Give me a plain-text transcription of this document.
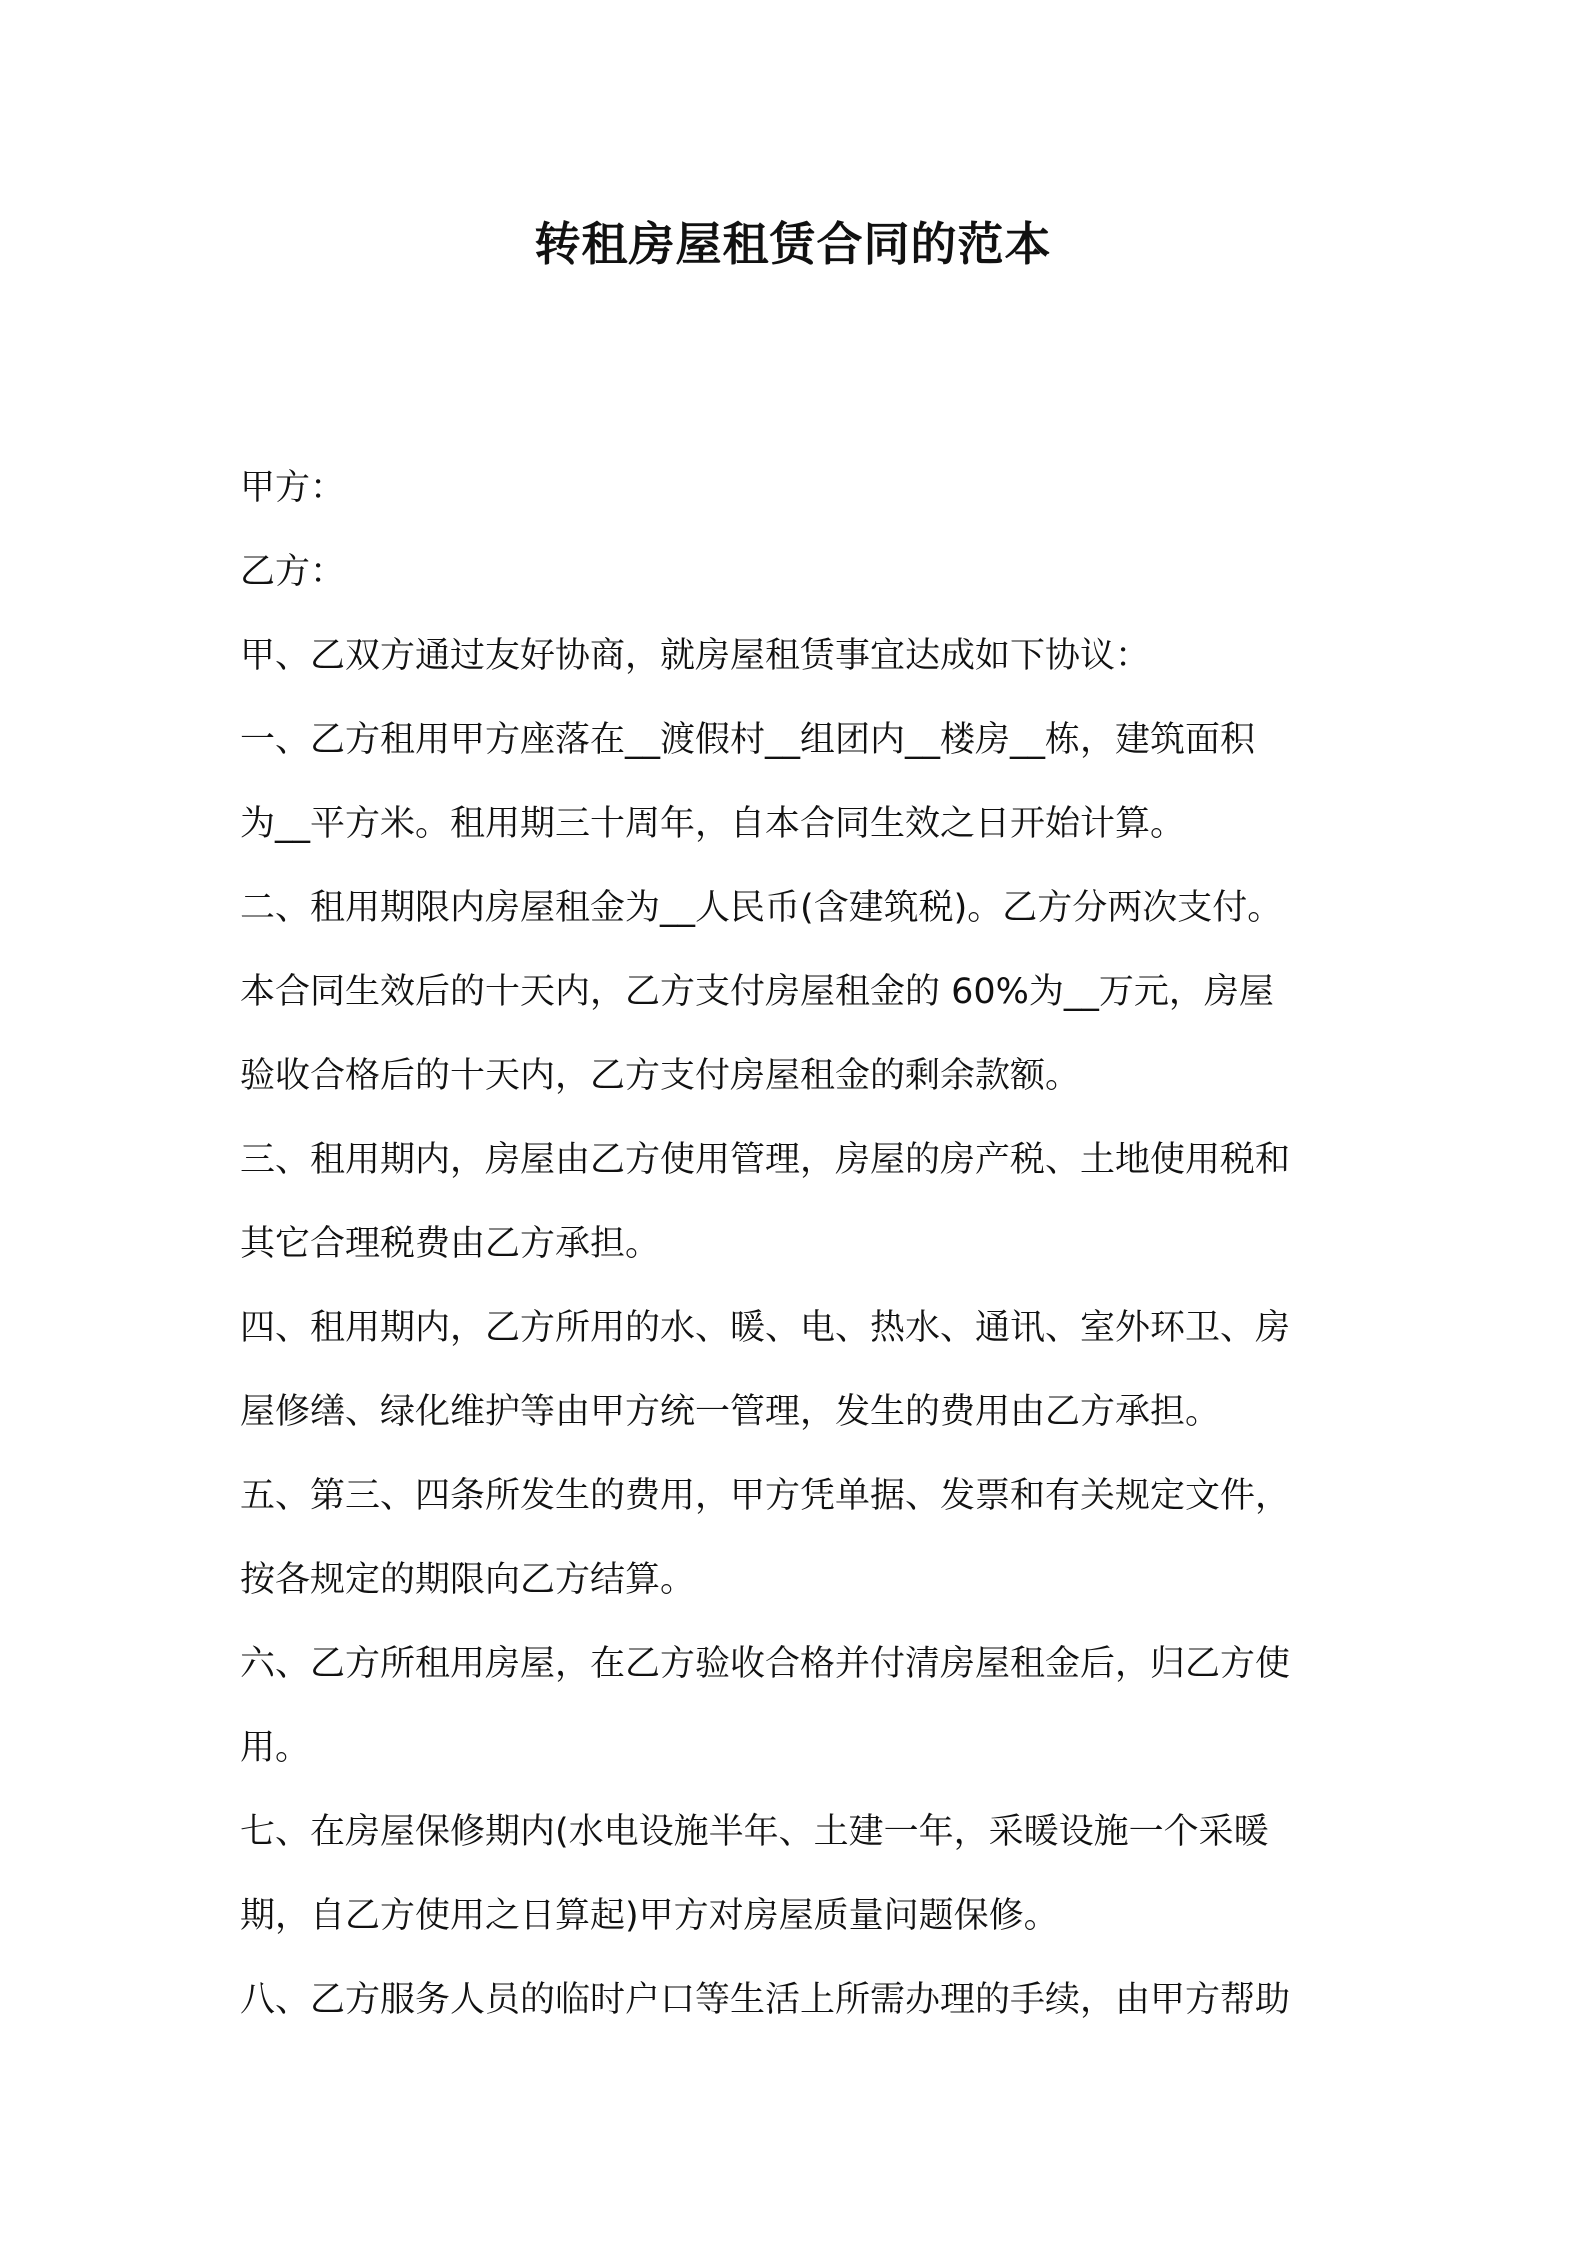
转租房屋租赁合同的范本
甲方：
乙方：
甲、乙双方通过友好协商，就房屋租赁事宜达成如下协议：
一、乙方租用甲方座落在__渡假村__组团内__楼房__栋，建筑面积
为__平方米。租用期三十周年，自本合同生效之日开始计算。
二、租用期限内房屋租金为__人民币(含建筑税)。乙方分两次支付。
本合同生效后的十天内，乙方支付房屋租金的 60%为__万元，房屋
验收合格后的十天内，乙方支付房屋租金的剩余款额。
三、租用期内，房屋由乙方使用管理，房屋的房产税、土地使用税和
其它合理税费由乙方承担。
四、租用期内，乙方所用的水、暖、电、热水、通讯、室外环卫、房
屋修缮、绿化维护等由甲方统一管理，发生的费用由乙方承担。
五、第三、四条所发生的费用，甲方凭单据、发票和有关规定文件，
按各规定的期限向乙方结算。
六、乙方所租用房屋，在乙方验收合格并付清房屋租金后，归乙方使
用。
七、在房屋保修期内(水电设施半年、土建一年，采暖设施一个采暖
期，自乙方使用之日算起)甲方对房屋质量问题保修。
八、乙方服务人员的临时户口等生活上所需办理的手续，由甲方帮助
